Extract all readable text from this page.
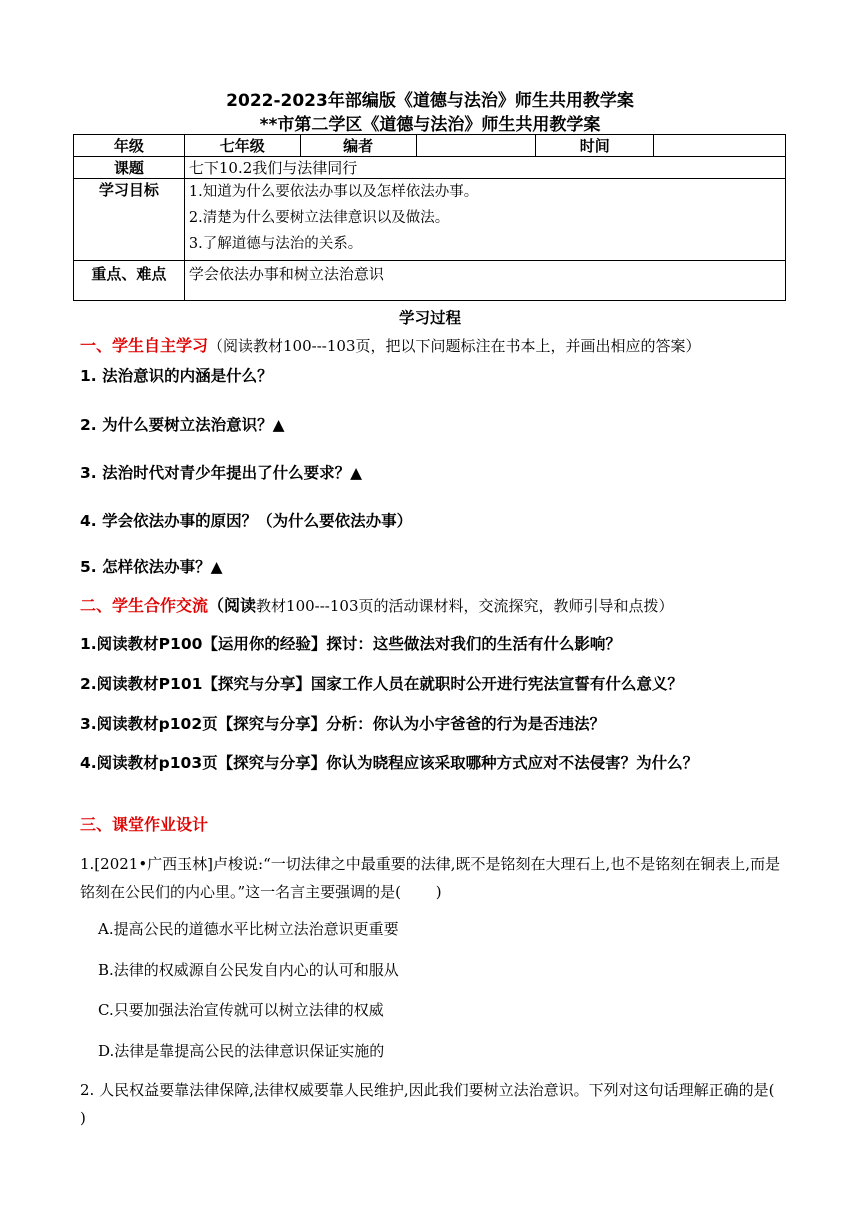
2022-2023年部编版《道德与法治》师生共用教学案
**市第二学区《道德与法治》师生共用教学案
年级	七年级	编者		时间	
课题	七下10.2我们与法律同行				
学习目标	1.知道为什么要依法办事以及怎样依法办事。
2.清楚为什么要树立法律意识以及做法。
3.了解道德与法治的关系。				

重点、难点	学会依法办事和树立法治意识				
学习过程
一、学生自主学习（阅读教材100---103页，把以下问题标注在书本上，并画出相应的答案）
1. 法治意识的内涵是什么？
2. 为什么要树立法治意识？▲
3. 法治时代对青少年提出了什么要求？▲
4. 学会依法办事的原因？（为什么要依法办事）
5. 怎样依法办事？▲
二、学生合作交流（阅读教材100---103页的活动课材料，交流探究，教师引导和点拨）
1.阅读教材P100【运用你的经验】探讨：这些做法对我们的生活有什么影响？
2.阅读教材P101【探究与分享】国家工作人员在就职时公开进行宪法宣誓有什么意义？
3.阅读教材p102页【探究与分享】分析：你认为小宇爸爸的行为是否违法？
4.阅读教材p103页【探究与分享】你认为晓程应该采取哪种方式应对不法侵害？为什么？
三、课堂作业设计
1.[2021•广西玉林]卢梭说:“一切法律之中最重要的法律,既不是铭刻在大理石上,也不是铭刻在铜表上,而是铭刻在公民们的内心里。”这一名言主要强调的是(　　 )
A.提高公民的道德水平比树立法治意识更重要
B.法律的权威源自公民发自内心的认可和服从
C.只要加强法治宣传就可以树立法律的权威
D.法律是靠提高公民的法律意识保证实施的
2. 人民权益要靠法律保障,法律权威要靠人民维护,因此我们要树立法治意识。下列对这句话理解正确的是(　　 )
